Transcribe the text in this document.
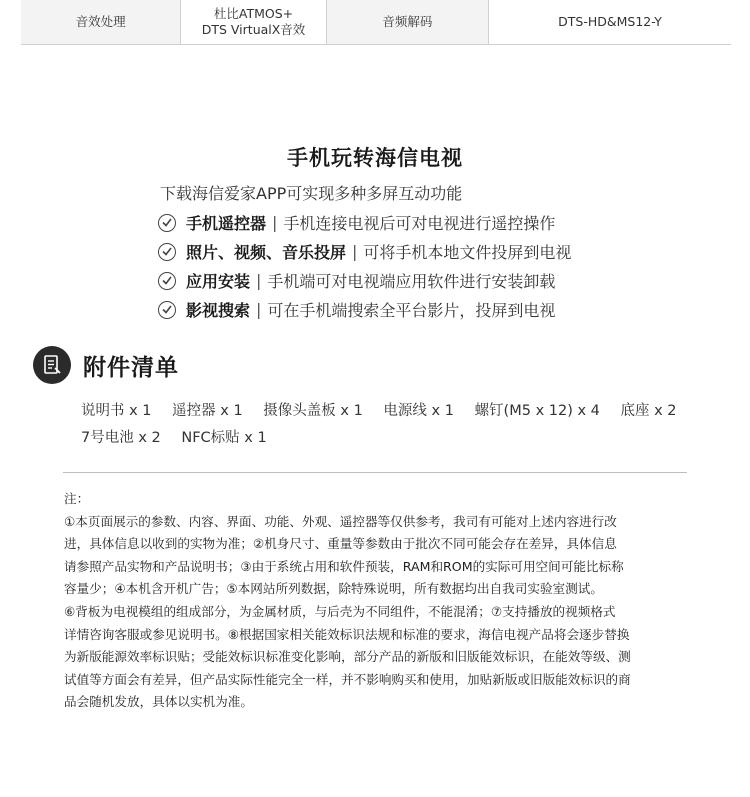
音效处理
杜比ATMOS+
DTS VirtualX音效
音频解码	DTS-HD&MS12-Y
手机玩转海信电视
下载海信爱家APP可实现多种多屏互动功能
手机遥控器 | 手机连接电视后可对电视进行遥控操作
照片、视频、音乐投屏 | 可将手机本地文件投屏到电视
应用安装 | 手机端可对电视端应用软件进行安装卸载
影视搜索 | 可在手机端搜索全平台影片，投屏到电视
附件清单
说明书 x 1 遥控器 x 1 摄像头盖板 x 1 电源线 x 1 螺钉(M5 x 12) x 4 底座 x 2
7号电池 x 2 NFC标贴 x 1

注：

①本页面展示的参数、内容、界面、功能、外观、遥控器等仅供参考，我司有可能对上述内容进行改

进，具体信息以收到的实物为准；②机身尺寸、重量等参数由于批次不同可能会存在差异，具体信息

请参照产品实物和产品说明书；③由于系统占用和软件预装，RAM和ROM的实际可用空间可能比标称

容量少；④本机含开机广告；⑤本网站所列数据，除特殊说明，所有数据均出自我司实验室测试。

⑥背板为电视模组的组成部分，为金属材质，与后壳为不同组件，不能混淆；⑦支持播放的视频格式

详情咨询客服或参见说明书。⑧根据国家相关能效标识法规和标准的要求，海信电视产品将会逐步替换

为新版能源效率标识贴；受能效标识标准变化影响，部分产品的新版和旧版能效标识，在能效等级、测

试值等方面会有差异，但产品实际性能完全一样，并不影响购买和使用，加贴新版或旧版能效标识的商

品会随机发放，具体以实机为准。
